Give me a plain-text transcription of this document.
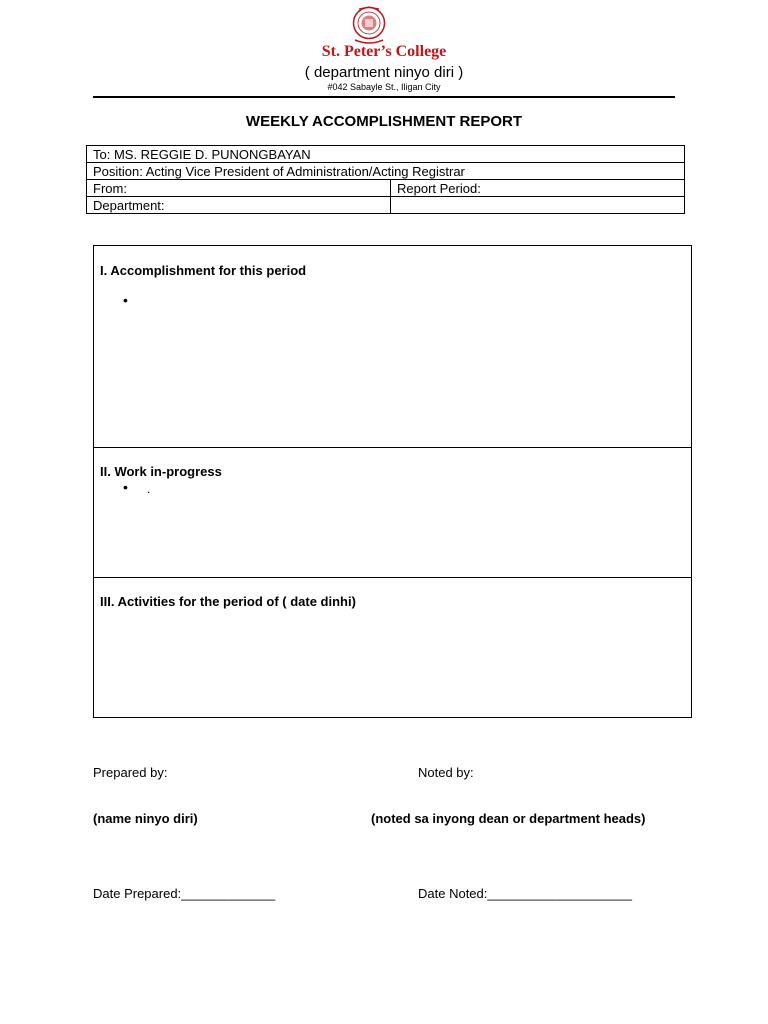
St. Peter’s College
( department ninyo diri )
#042 Sabayle St., Iligan City
WEEKLY ACCOMPLISHMENT REPORT
To: MS. REGGIE D. PUNONGBAYAN	
Position: Acting Vice President of Administration/Acting Registrar	
From:	Report Period:
Department:	
I. Accomplishment for this period
•
II. Work in-progress
• .
III. Activities for the period of ( date dinhi)
Prepared by:	Noted by:
(name ninyo diri)	(noted sa inyong dean or department heads)
Date Prepared:_____________	Date Noted:____________________
